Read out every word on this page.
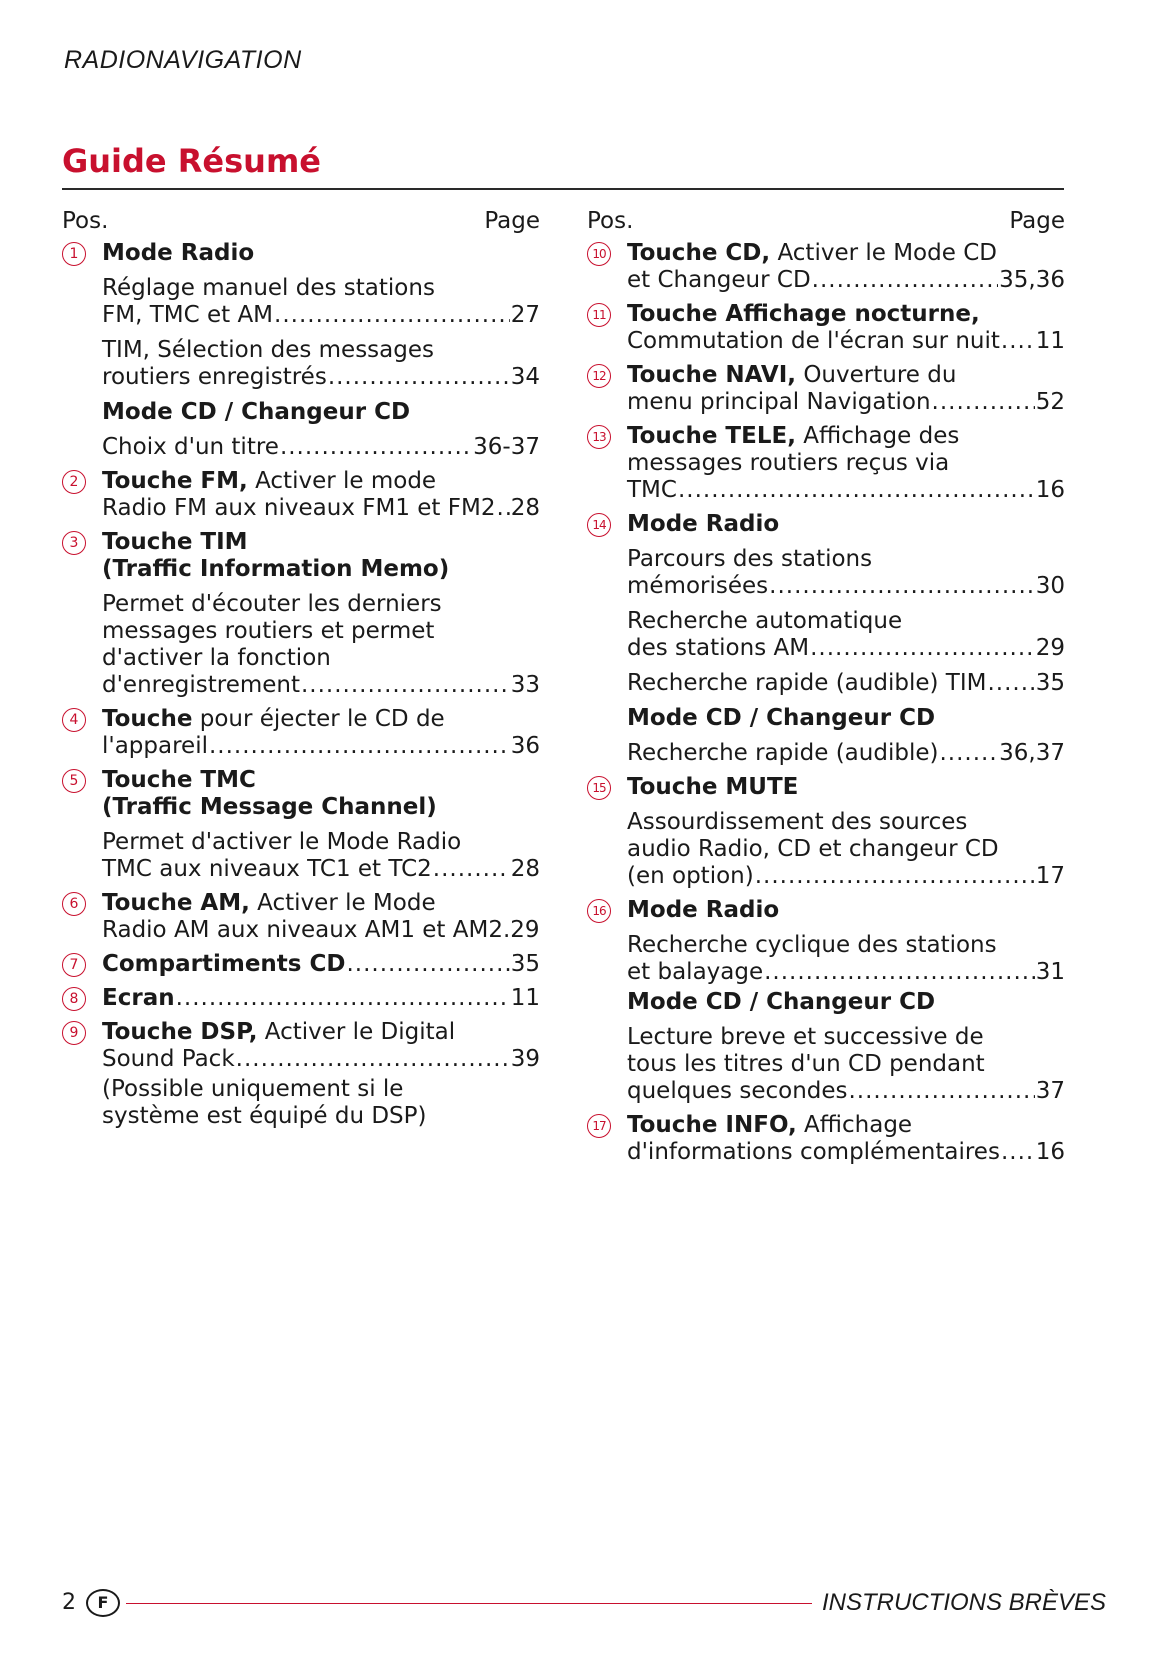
RADIONAVIGATION
Guide Résumé
Pos.	Page
1	Mode Radio
Réglage manuel des stations
FM, TMC et AM .....	27
TIM, Sélection des messages
routiers enregistrés .....	34
Mode CD / Changeur CD
Choix d'un titre .....	36-37
2	Touche FM, Activer le mode
Radio FM aux niveaux FM1 et FM2 ..... 28
3	Touche TIM
(Traffic Information Memo)
Permet d'écouter les derniers
messages routiers et permet
d'activer la fonction
d'enregistrement .....	33
4	Touche pour éjecter le CD de
l'appareil .....	36
5	Touche TMC
(Traffic Message Channel)
Permet d'activer le Mode Radio
TMC aux niveaux TC1 et TC2 .....	28
6	Touche AM, Activer le Mode
Radio AM aux niveaux AM1 et AM2. 29
7	Compartiments CD .....	35
8	Ecran .....	11
9	Touche DSP, Activer le Digital
Sound Pack .....	39
(Possible uniquement si le
système est équipé du DSP)
Pos.	Page
10 Touche CD, Activer le Mode CD
et Changeur CD .....	35,36
11 Touche Affichage nocturne,
Commutation de l'écran sur nuit ..... 11
12 Touche NAVI, Ouverture du
menu principal Navigation .....	52
13 Touche TELE, Affichage des
messages routiers reçus via
TMC .....	16
14 Mode Radio
Parcours des stations
mémorisées .....	30
Recherche automatique
des stations AM .....	29
Recherche rapide (audible) TIM ..... 35
Mode CD / Changeur CD
Recherche rapide (audible) .....	36,37
15 Touche MUTE
Assourdissement des sources
audio Radio, CD et changeur CD
(en option) .....	17
16 Mode Radio
Recherche cyclique des stations
et balayage .....	31
Mode CD / Changeur CD
Lecture breve et successive de
tous les titres d'un CD pendant
quelques secondes .....	37
17 Touche INFO, Affichage
d'informations complémentaires ..... 16
2	F	INSTRUCTIONS BRÈVES
